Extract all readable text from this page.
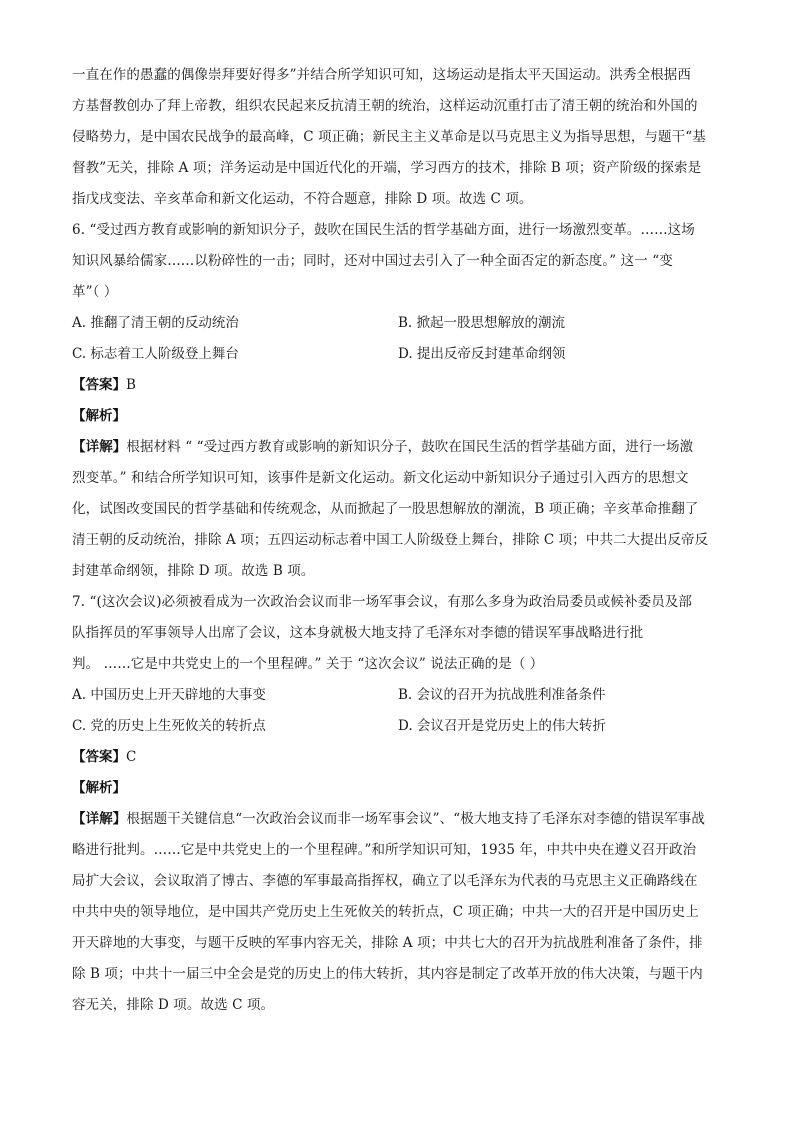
一直在作的愚蠢的偶像崇拜要好得多”并结合所学知识可知，这场运动是指太平天国运动。洪秀全根据西

方基督教创办了拜上帝教，组织农民起来反抗清王朝的统治，这样运动沉重打击了清王朝的统治和外国的

侵略势力，是中国农民战争的最高峰，C 项正确；新民主主义革命是以马克思主义为指导思想，与题干“基

督教”无关，排除 A 项；洋务运动是中国近代化的开端，学习西方的技术，排除 B 项；资产阶级的探索是

指戊戌变法、辛亥革命和新文化运动，不符合题意，排除 D 项。故选 C 项。

6. “受过西方教育或影响的新知识分子，鼓吹在国民生活的哲学基础方面，进行一场激烈变革。……这场

知识风暴给儒家……以粉碎性的一击；同时，还对中国过去引入了一种全面否定的新态度。” 这一 “变

革”（ ）

A. 推翻了清王朝的反动统治	B. 掀起一股思想解放的潮流
C. 标志着工人阶级登上舞台	D. 提出反帝反封建革命纲领

【答案】B

【解析】

【详解】根据材料 “ “受过西方教育或影响的新知识分子，鼓吹在国民生活的哲学基础方面，进行一场激

烈变革。” 和结合所学知识可知，该事件是新文化运动。新文化运动中新知识分子通过引入西方的思想文

化，试图改变国民的哲学基础和传统观念，从而掀起了一股思想解放的潮流，B 项正确；辛亥革命推翻了

清王朝的反动统治，排除 A 项；五四运动标志着中国工人阶级登上舞台，排除 C 项；中共二大提出反帝反

封建革命纲领，排除 D 项。故选 B 项。

7. “(这次会议)必须被看成为一次政治会议而非一场军事会议，有那么多身为政治局委员或候补委员及部

队指挥员的军事领导人出席了会议，这本身就极大地支持了毛泽东对李德的错误军事战略进行批

判。 ……它是中共党史上的一个里程碑。” 关于 “这次会议” 说法正确的是（ ）

A. 中国历史上开天辟地的大事变	B. 会议的召开为抗战胜利准备条件
C. 党的历史上生死攸关的转折点	D. 会议召开是党历史上的伟大转折

【答案】C

【解析】

【详解】根据题干关键信息“一次政治会议而非一场军事会议”、“极大地支持了毛泽东对李德的错误军事战

略进行批判。……它是中共党史上的一个里程碑。”和所学知识可知，1935 年，中共中央在遵义召开政治

局扩大会议，会议取消了博古、李德的军事最高指挥权，确立了以毛泽东为代表的马克思主义正确路线在

中共中央的领导地位，是中国共产党历史上生死攸关的转折点，C 项正确；中共一大的召开是中国历史上

开天辟地的大事变，与题干反映的军事内容无关，排除 A 项；中共七大的召开为抗战胜利准备了条件，排

除 B 项；中共十一届三中全会是党的历史上的伟大转折，其内容是制定了改革开放的伟大决策，与题干内

容无关，排除 D 项。故选 C 项。
